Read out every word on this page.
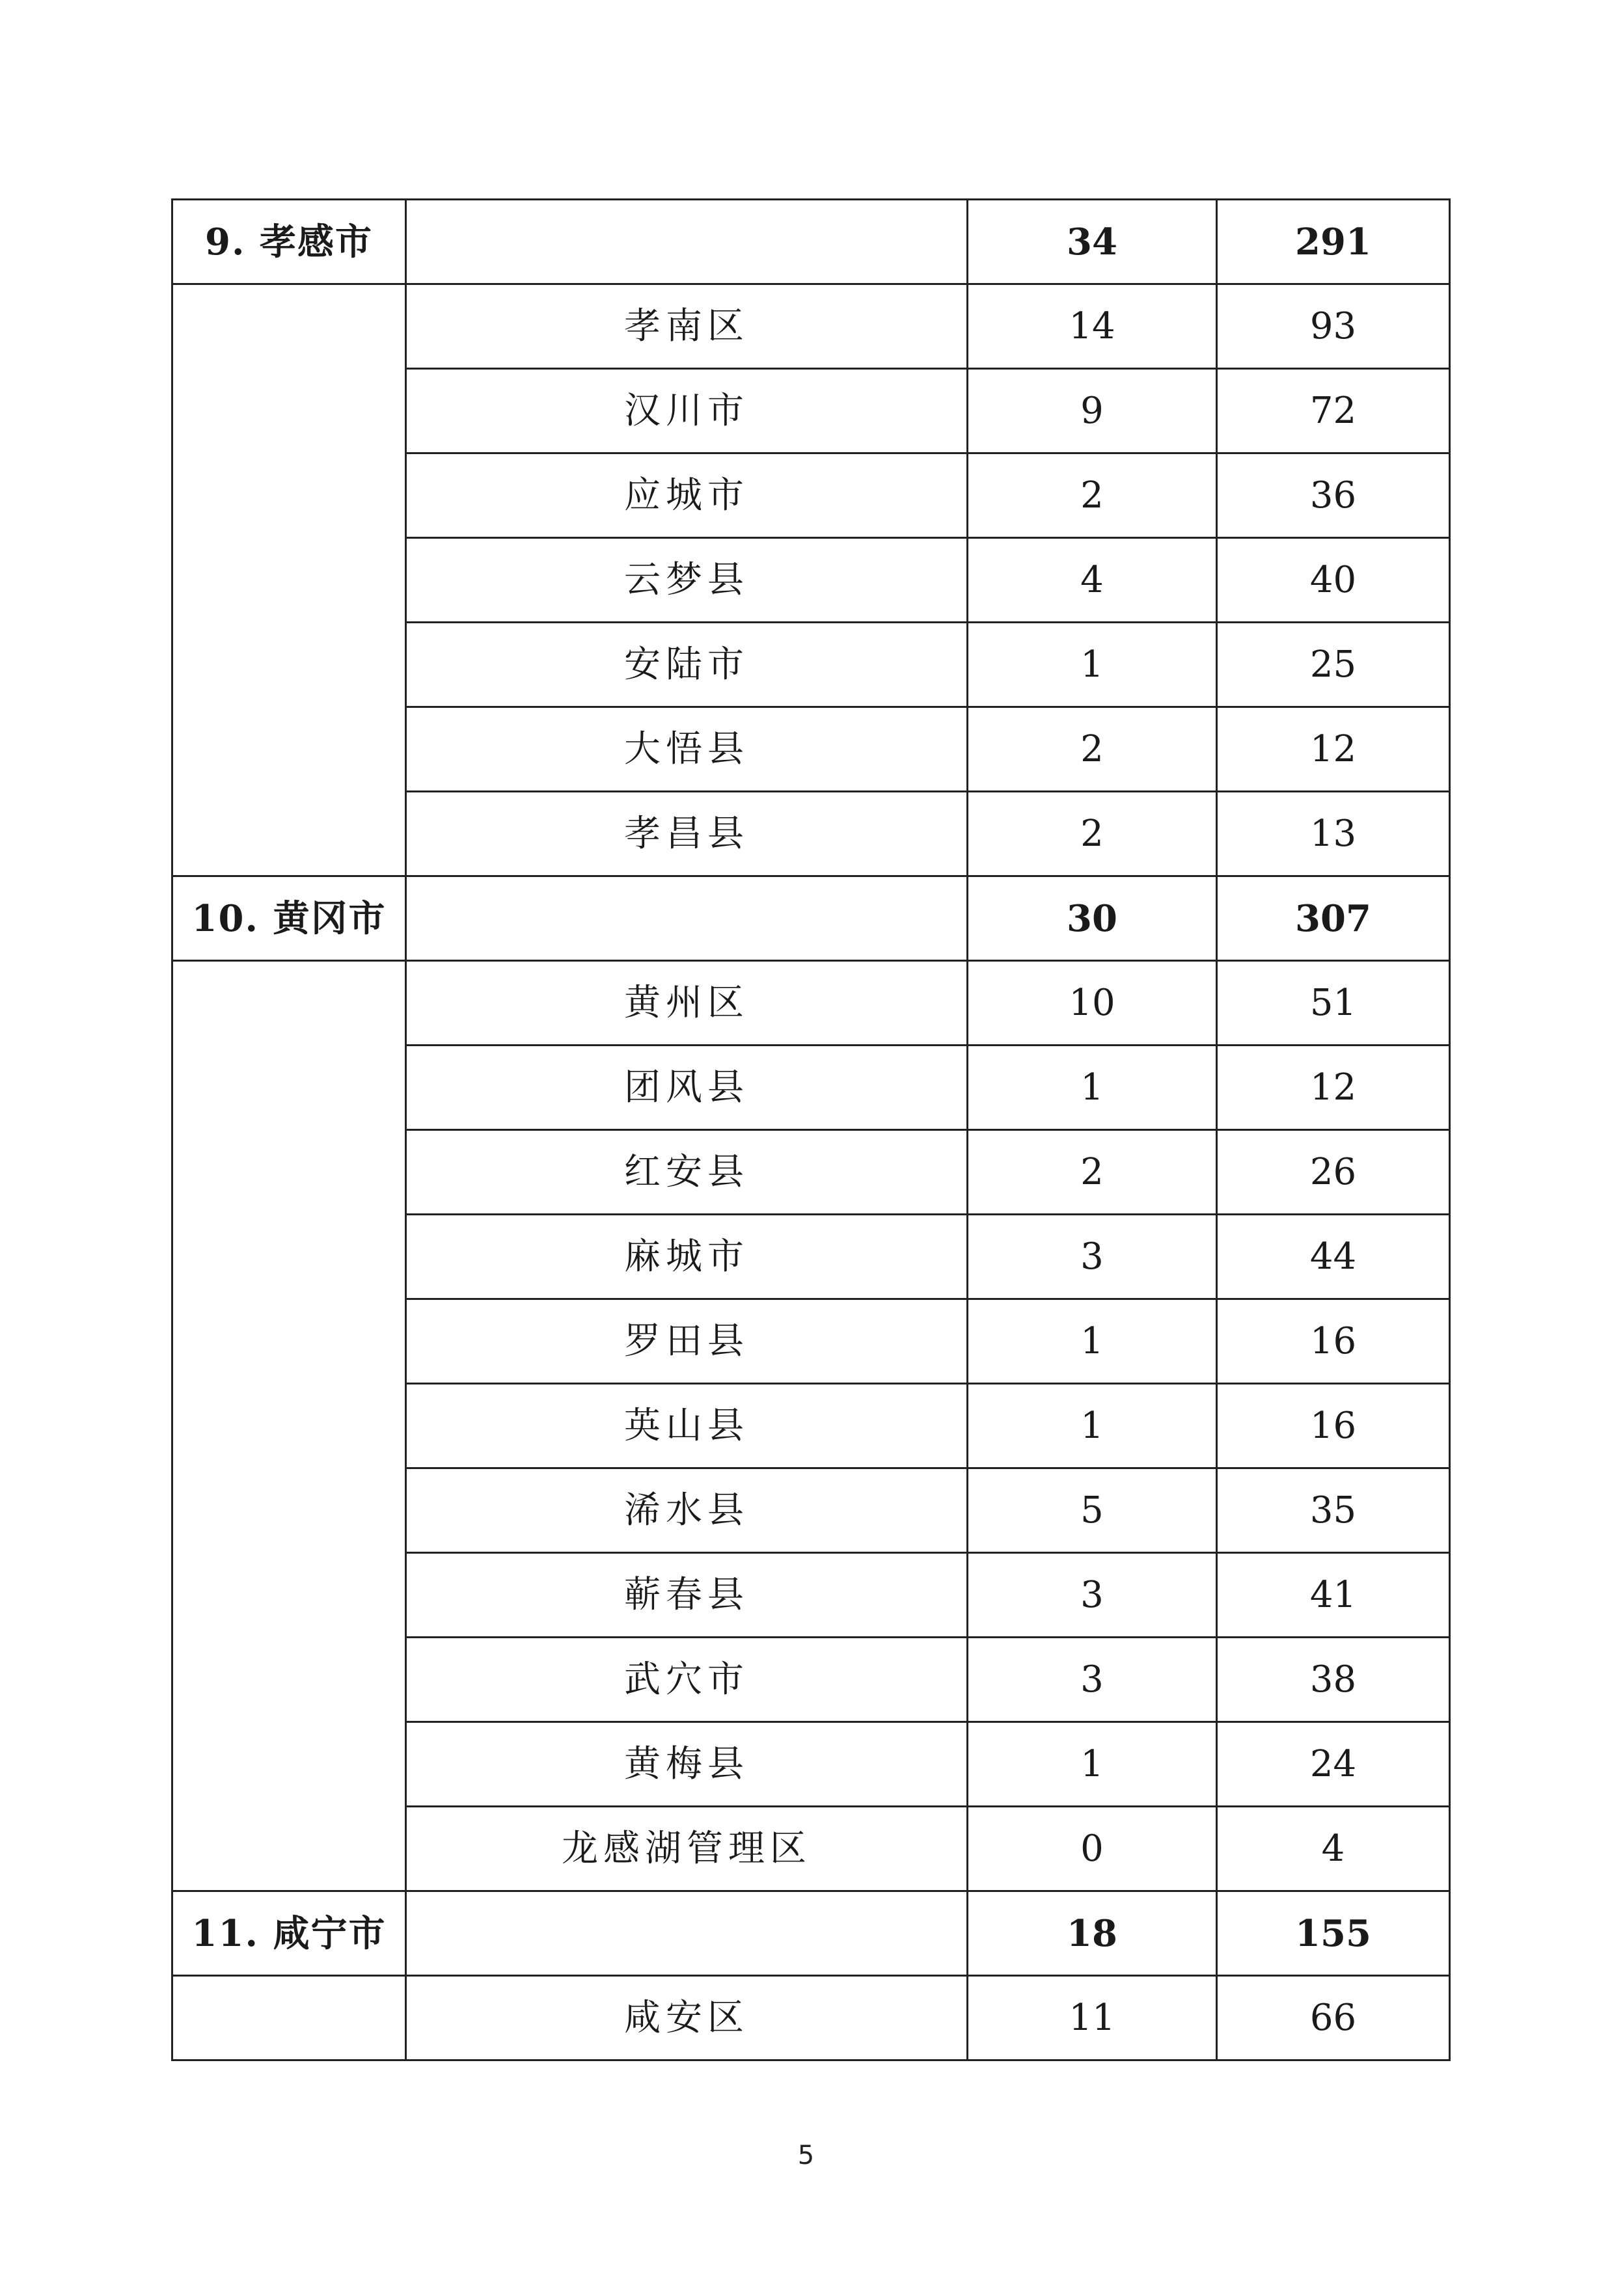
9. 孝感市		34	291
	孝南区	14	93
	汉川市	9	72
	应城市	2	36
	云梦县	4	40
	安陆市	1	25
	大悟县	2	12
	孝昌县	2	13
10. 黄冈市		30	307
	黄州区	10	51
	团风县	1	12
	红安县	2	26
	麻城市	3	44
	罗田县	1	16
	英山县	1	16
	浠水县	5	35
	蕲春县	3	41
	武穴市	3	38
	黄梅县	1	24
	龙感湖管理区	0	4
11. 咸宁市		18	155
	咸安区	11	66
5
